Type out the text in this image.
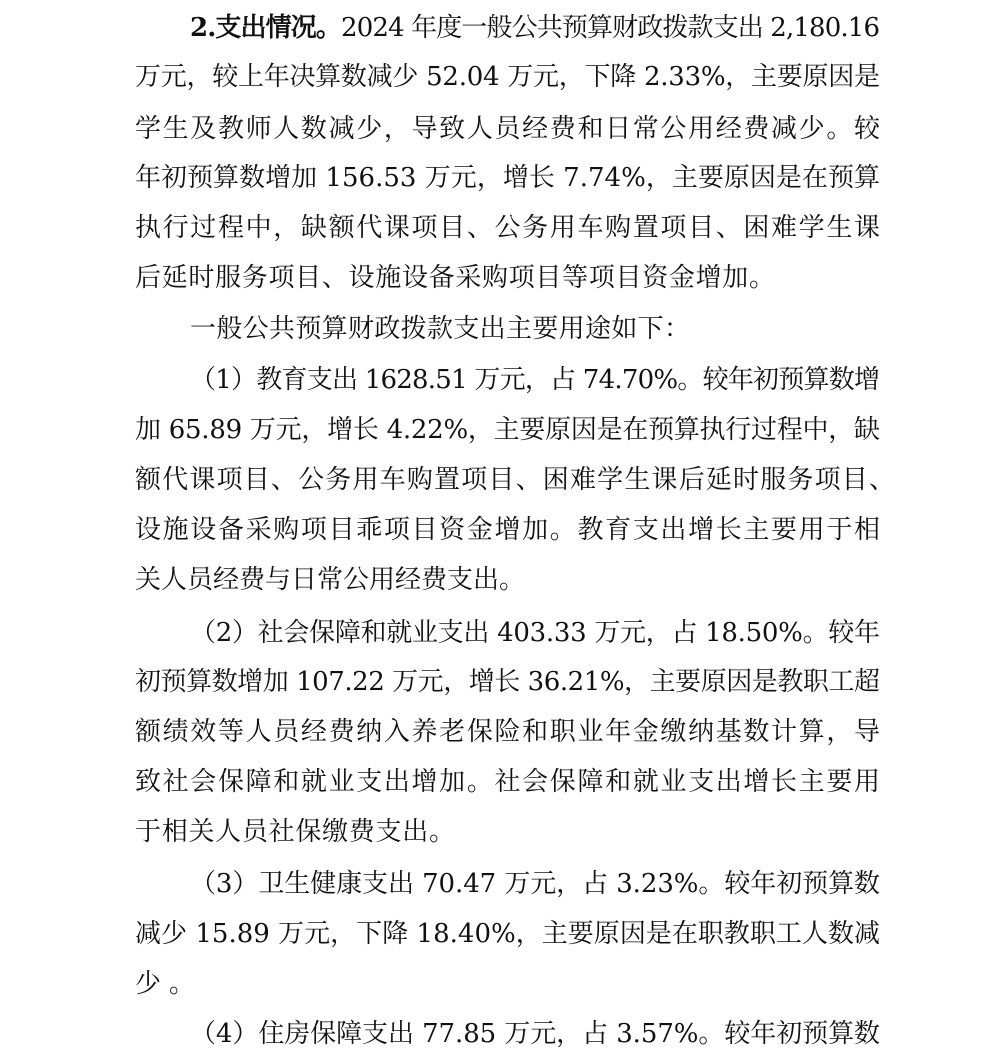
2.支出情况。2024 年度一般公共预算财政拨款支出 2,180.16
万元，较上年决算数减少 52.04 万元，下降 2.33%，主要原因是
学生及教师人数减少，导致人员经费和日常公用经费减少。较
年初预算数增加 156.53 万元，增长 7.74%，主要原因是在预算
执行过程中，缺额代课项目、公务用车购置项目、困难学生课
后延时服务项目、设施设备采购项目等项目资金增加。
一般公共预算财政拨款支出主要用途如下：
（1）教育支出 1628.51 万元，占 74.70%。较年初预算数增
加 65.89 万元，增长 4.22%，主要原因是在预算执行过程中，缺
额代课项目、公务用车购置项目、困难学生课后延时服务项目、
设施设备采购项目乖项目资金增加。教育支出增长主要用于相
关人员经费与日常公用经费支出。
（2）社会保障和就业支出 403.33 万元，占 18.50%。较年
初预算数增加 107.22 万元，增长 36.21%，主要原因是教职工超
额绩效等人员经费纳入养老保险和职业年金缴纳基数计算，导
致社会保障和就业支出增加。社会保障和就业支出增长主要用
于相关人员社保缴费支出。
（3）卫生健康支出 70.47 万元，占 3.23%。较年初预算数
减少 15.89 万元，下降 18.40%，主要原因是在职教职工人数减
少。
（4）住房保障支出 77.85 万元，占 3.57%。较年初预算数
